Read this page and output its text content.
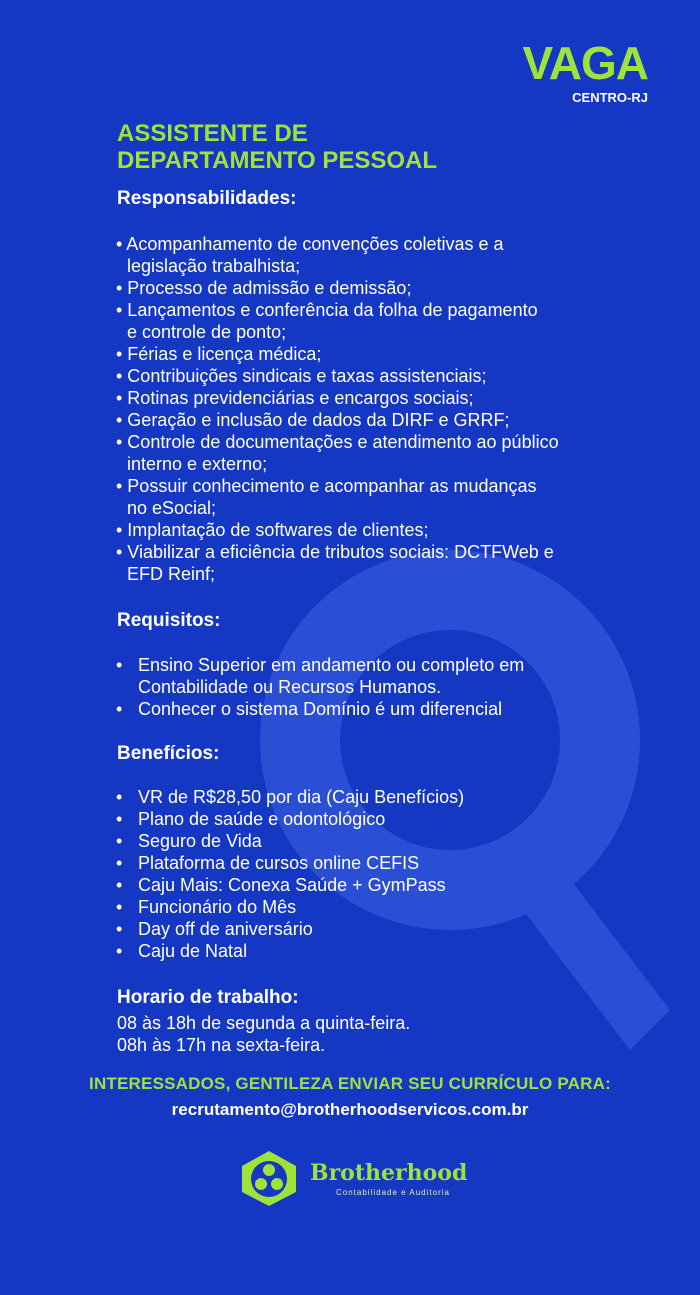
VAGA
CENTRO-RJ
ASSISTENTE DE
DEPARTAMENTO PESSOAL
Responsabilidades:
• Acompanhamento de convenções coletivas e a
legislação trabalhista;
• Processo de admissão e demissão;
• Lançamentos e conferência da folha de pagamento
e controle de ponto;
• Férias e licença médica;
• Contribuições sindicais e taxas assistenciais;
• Rotinas previdenciárias e encargos sociais;
• Geração e inclusão de dados da DIRF e GRRF;
• Controle de documentações e atendimento ao público
interno e externo;
• Possuir conhecimento e acompanhar as mudanças
no eSocial;
• Implantação de softwares de clientes;
• Viabilizar a eficiência de tributos sociais: DCTFWeb e
EFD Reinf;
Requisitos:
• Ensino Superior em andamento ou completo em Contabilidade ou Recursos Humanos.
• Conhecer o sistema Domínio é um diferencial
Benefícios:
• VR de R$28,50 por dia (Caju Benefícios)
• Plano de saúde e odontológico
• Seguro de Vida
• Plataforma de cursos online CEFIS
• Caju Mais: Conexa Saúde + GymPass
• Funcionário do Mês
• Day off de aniversário
• Caju de Natal
Horario de trabalho:
08 às 18h de segunda a quinta-feira.
08h às 17h na sexta-feira.
INTERESSADOS, GENTILEZA ENVIAR SEU CURRÍCULO PARA:
recrutamento@brotherhoodservicos.com.br
Brotherhood
Contabilidade e Auditoria
